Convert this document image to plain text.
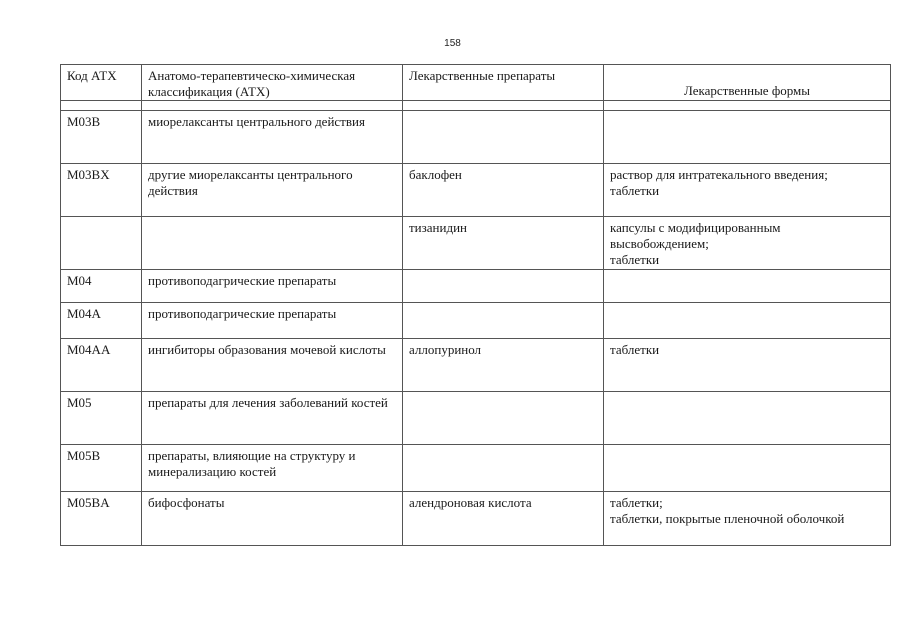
158
Код АТХ	Анатомо-терапевтическо-химическая классификация (АТХ)	Лекарственные препараты	Лекарственные формы

M03B	миорелаксанты центрального действия		
M03BX	другие миорелаксанты центрального действия	баклофен	раствор для интратекального введения;
таблетки
		тизанидин	капсулы с модифицированным
высвобождением;
таблетки
M04	противоподагрические препараты		
M04A	противоподагрические препараты		
M04AA	ингибиторы образования мочевой кислоты	аллопуринол	таблетки
M05	препараты для лечения заболеваний костей		
M05B	препараты, влияющие на структуру и минерализацию костей		
M05BA	бифосфонаты	алендроновая кислота	таблетки;
таблетки, покрытые пленочной оболочкой
